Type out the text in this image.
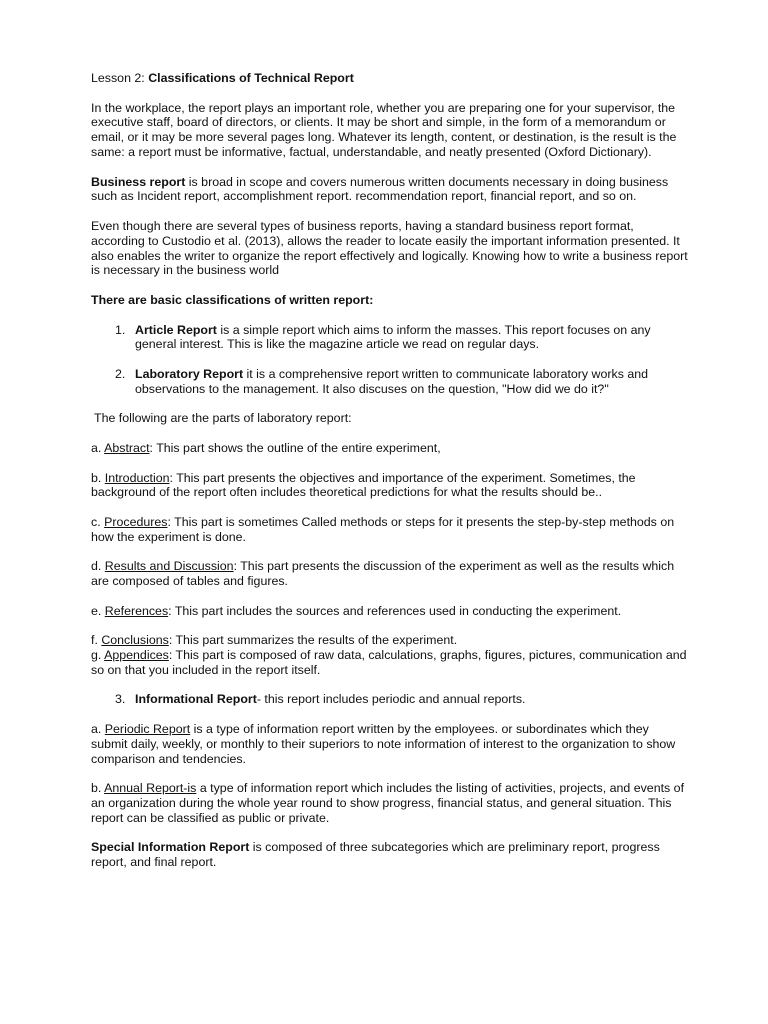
Lesson 2: Classifications of Technical Report

In the workplace, the report plays an important role, whether you are preparing one for your supervisor, the executive staff, board of directors, or clients. It may be short and simple, in the form of a memorandum or email, or it may be more several pages long. Whatever its length, content, or destination, is the result is the same: a report must be informative, factual, understandable, and neatly presented (Oxford Dictionary).

Business report is broad in scope and covers numerous written documents necessary in doing business such as Incident report, accomplishment report. recommendation report, financial report, and so on.

Even though there are several types of business reports, having a standard business report format, according to Custodio et al. (2013), allows the reader to locate easily the important information presented. It also enables the writer to organize the report effectively and logically. Knowing how to write a business report is necessary in the business world

There are basic classifications of written report:

1. Article Report is a simple report which aims to inform the masses. This report focuses on any general interest. This is like the magazine article we read on regular days.
2. Laboratory Report it is a comprehensive report written to communicate laboratory works and observations to the management. It also discuses on the question, "How did we do it?"

The following are the parts of laboratory report:

a. Abstract: This part shows the outline of the entire experiment,

b. Introduction: This part presents the objectives and importance of the experiment. Sometimes, the background of the report often includes theoretical predictions for what the results should be..

c. Procedures: This part is sometimes Called methods or steps for it presents the step-by-step methods on how the experiment is done.

d. Results and Discussion: This part presents the discussion of the experiment as well as the results which are composed of tables and figures.

e. References: This part includes the sources and references used in conducting the experiment.

f. Conclusions: This part summarizes the results of the experiment.

g. Appendices: This part is composed of raw data, calculations, graphs, figures, pictures, communication and so on that you included in the report itself.

3. Informational Report- this report includes periodic and annual reports.

a. Periodic Report is a type of information report written by the employees. or subordinates which they submit daily, weekly, or monthly to their superiors to note information of interest to the organization to show comparison and tendencies.

b. Annual Report-is a type of information report which includes the listing of activities, projects, and events of an organization during the whole year round to show progress, financial status, and general situation. This report can be classified as public or private.

Special Information Report is composed of three subcategories which are preliminary report, progress report, and final report.
